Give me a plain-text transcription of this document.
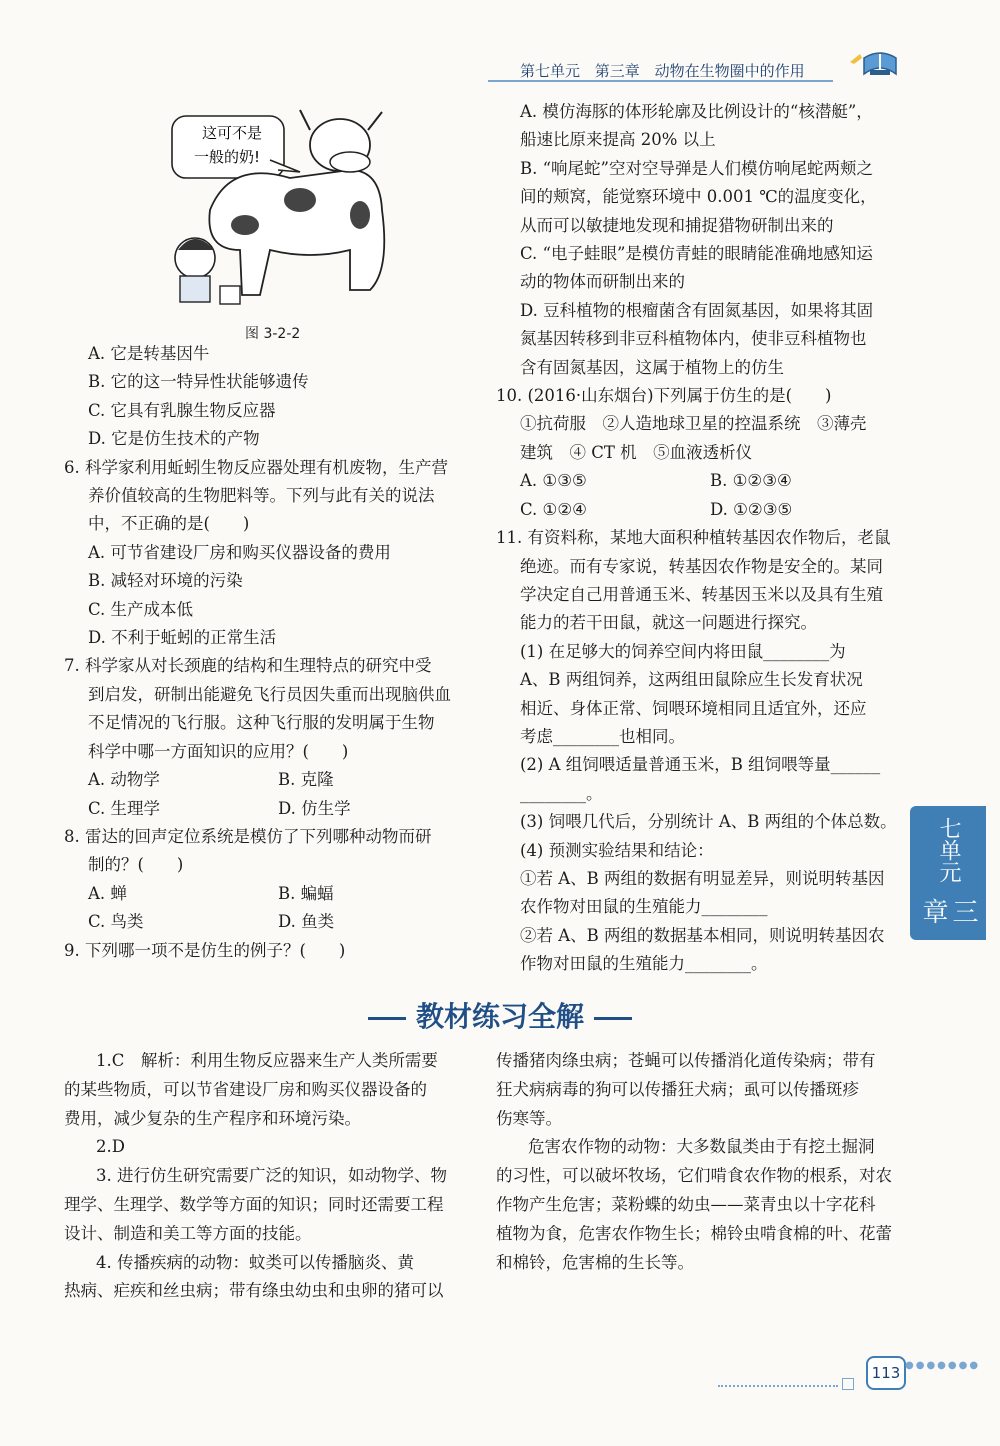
第七单元 第三章 动物在生物圈中的作用
七单元
三章
这可不是
一般的奶!
图 3-2-2

A. 它是转基因牛

B. 它的这一特异性状能够遗传

C. 它具有乳腺生物反应器

D. 它是仿生技术的产物

6. 科学家利用蚯蚓生物反应器处理有机废物，生产营

养价值较高的生物肥料等。下列与此有关的说法

中，不正确的是(　　)

A. 可节省建设厂房和购买仪器设备的费用

B. 减轻对环境的污染

C. 生产成本低

D. 不利于蚯蚓的正常生活

7. 科学家从对长颈鹿的结构和生理特点的研究中受

到启发，研制出能避免飞行员因失重而出现脑供血

不足情况的飞行服。这种飞行服的发明属于生物

科学中哪一方面知识的应用？(　　)

A. 动物学	B. 克隆

C. 生理学	D. 仿生学

8. 雷达的回声定位系统是模仿了下列哪种动物而研

制的？(　　)

A. 蝉	B. 蝙蝠

C. 鸟类	D. 鱼类

9. 下列哪一项不是仿生的例子？(　　)

A. 模仿海豚的体形轮廓及比例设计的“核潜艇”，

船速比原来提高 20% 以上

B. “响尾蛇”空对空导弹是人们模仿响尾蛇两颊之

间的颊窝，能觉察环境中 0.001 ℃的温度变化，

从而可以敏捷地发现和捕捉猎物研制出来的

C. “电子蛙眼”是模仿青蛙的眼睛能准确地感知运

动的物体而研制出来的

D. 豆科植物的根瘤菌含有固氮基因，如果将其固

氮基因转移到非豆科植物体内，使非豆科植物也

含有固氮基因，这属于植物上的仿生

10. (2016·山东烟台)下列属于仿生的是(　　)

①抗荷服　②人造地球卫星的控温系统　③薄壳

建筑　④ CT 机　⑤血液透析仪

A. ①③⑤	B. ①②③④

C. ①②④	D. ①②③⑤

11. 有资料称，某地大面积种植转基因农作物后，老鼠

绝迹。而有专家说，转基因农作物是安全的。某同

学决定自己用普通玉米、转基因玉米以及具有生殖

能力的若干田鼠，就这一问题进行探究。

(1) 在足够大的饲养空间内将田鼠________为

A、B 两组饲养，这两组田鼠除应生长发育状况

相近、身体正常、饲喂环境相同且适宜外，还应

考虑________也相同。

(2) A 组饲喂适量普通玉米，B 组饲喂等量______

________。

(3) 饲喂几代后，分别统计 A、B 两组的个体总数。

(4) 预测实验结果和结论：

①若 A、B 两组的数据有明显差异，则说明转基因

农作物对田鼠的生殖能力________

②若 A、B 两组的数据基本相同，则说明转基因农

作物对田鼠的生殖能力________。

教材练习全解

1.C　解析：利用生物反应器来生产人类所需要

的某些物质，可以节省建设厂房和购买仪器设备的

费用，减少复杂的生产程序和环境污染。

2.D

3. 进行仿生研究需要广泛的知识，如动物学、物

理学、生理学、数学等方面的知识；同时还需要工程

设计、制造和美工等方面的技能。

4. 传播疾病的动物：蚊类可以传播脑炎、黄

热病、疟疾和丝虫病；带有绦虫幼虫和虫卵的猪可以

传播猪肉绦虫病；苍蝇可以传播消化道传染病；带有

狂犬病病毒的狗可以传播狂犬病；虱可以传播斑疹

伤寒等。

危害农作物的动物：大多数鼠类由于有挖土掘洞

的习性，可以破坏牧场，它们啃食农作物的根系，对农

作物产生危害；菜粉蝶的幼虫——菜青虫以十字花科

植物为食，危害农作物生长；棉铃虫啃食棉的叶、花蕾

和棉铃，危害棉的生长等。

113 ●●●●●●●
